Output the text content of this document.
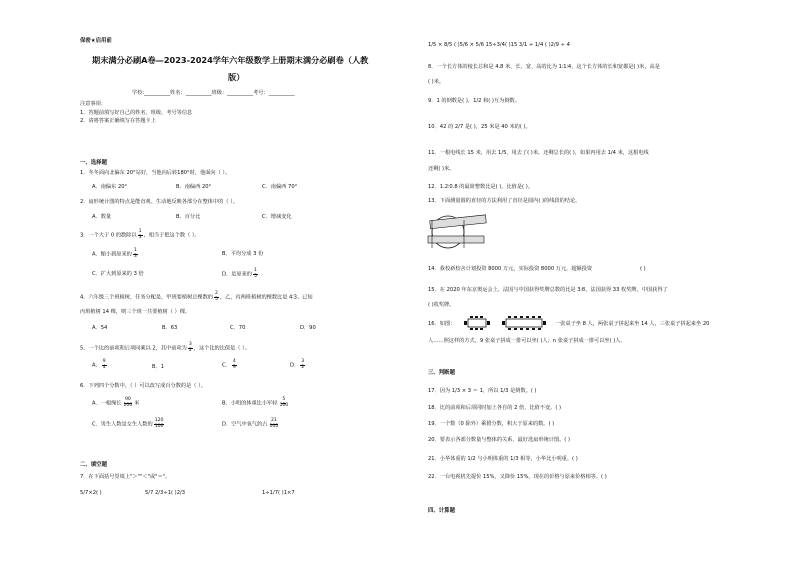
保密★启用前
期末满分必刷A卷—2023-2024学年六年级数学上册期末满分必刷卷（人教
版）
学校:__________姓名：__________班级：__________考号：__________
注意事项：
1．答题前填写好自己的姓名、班级、考号等信息
2．请将答案正确填写在答题卡上
一、选择题
1．冬冬面向北偏东 20°站好，当他向后转180°时，他面向（ ）。
A．南偏东 20°	B．南偏西 20°	C．南偏西 70°
2．扇形统计图的特点是能直观、生动地反映各部分在整体中的（ ）。
A．数量	B．百分比	C．增减变化
3．一个大于 0 的数除以 $\frac{1}{3}$ ，相当于把这个数（ ）。
A．缩小到原来的 $\frac{1}{3}$	B．平均分成 3 份
C．扩大到原来的 3 倍	D．是原来的 $\frac{1}{5}$
4．六年级三个班植树，任务分配是，甲班要植树总棵数的 $\frac{2}{5}$ ，乙，丙两班植树的棵数比是 4∶3。已知
丙班植树 14 棵，则三个班一共要植树（ ）棵。
A．54	B．63	C．70	D．90
5．一个比的前项和后项同乘以 2，其中前项为 $\frac{3}{2}$ ，这个比的比值是（ ）。
A． $\frac{9}{4}$	B．1	C． $\frac{4}{9}$	D． $\frac{3}{2}$
6．下列四个分数中，（ ）可以改写成百分数的是（ ）。
A．一根绳长 $\frac{90}{100}$ 米	B．小明的体重比小军轻 $\frac{5}{100}$
C．男生人数是女生人数的 $\frac{120}{100}$	D．空气中氧气约占 $\frac{21}{100}$
二、填空题
7．在下面括号里填上"＞""＜"或"＝"。
5/7×2( )	5/7 2/3÷1( )2/3	1÷1/7( )1×7
1/5 × 8/5 ( )5/6 × 5/6 15÷3/4( )15 3/1 ÷ 1/4 ( )2/9 ÷ 4
8．一个长方体的棱长总和是 4.8 米，长、宽、高的比为 1∶1∶4，这个长方体的长和宽都是( )米，高是
( )米。
9．1 的倒数是( )，1/2 和( )互为倒数。
10．42 的 2/7 是( )，25 米是 40 米的( )。
11．一根电线长 15 米，用去 1/5，用去了( )米，还剩总长的( )，如果再用去 1/4 米，这根电线
还剩( )米。
12．1.2∶0.8 的最简整数比是( )，比值是( )。
13．下面测量圆的直径的方法利用了直径是圆内( )的线段的结论。
14．我校新校舍计划投资 8000 万元，实际投资 8000 万元，超额投资	( )
15．在 2020 年东京奥运会上，法国与中国获得奖牌总数的比是 3∶8，法国获得 33 枚奖牌，中国获得了
( )枚奖牌。
16．如图：	一张桌子坐 8 人，两张桌子拼起来坐 14 人，三张桌子拼起来坐 20
人……照这样的方式，9 张桌子拼成一排可以坐( )人；n 张桌子拼成一排可以坐( )人。
三、判断题
17．因为 1/3 × 3 ＝ 1，所以 1/3 是倒数。( )
18．比的前项和后项同时加上各自的 2 倍，比值不变。( )
19．一个数（0 除外）乘假分数，积大于原来的数。( )
20．要表示各部分数量与整体的关系，最好选扇形统计图。( )
21．小华体重的 1/2 与小明体重的 1/3 相等，小华比小明重。( )
22．一台电视机先提价 15%，又降价 15%，现在的价格与原来价格相等。( )
四、计算题
